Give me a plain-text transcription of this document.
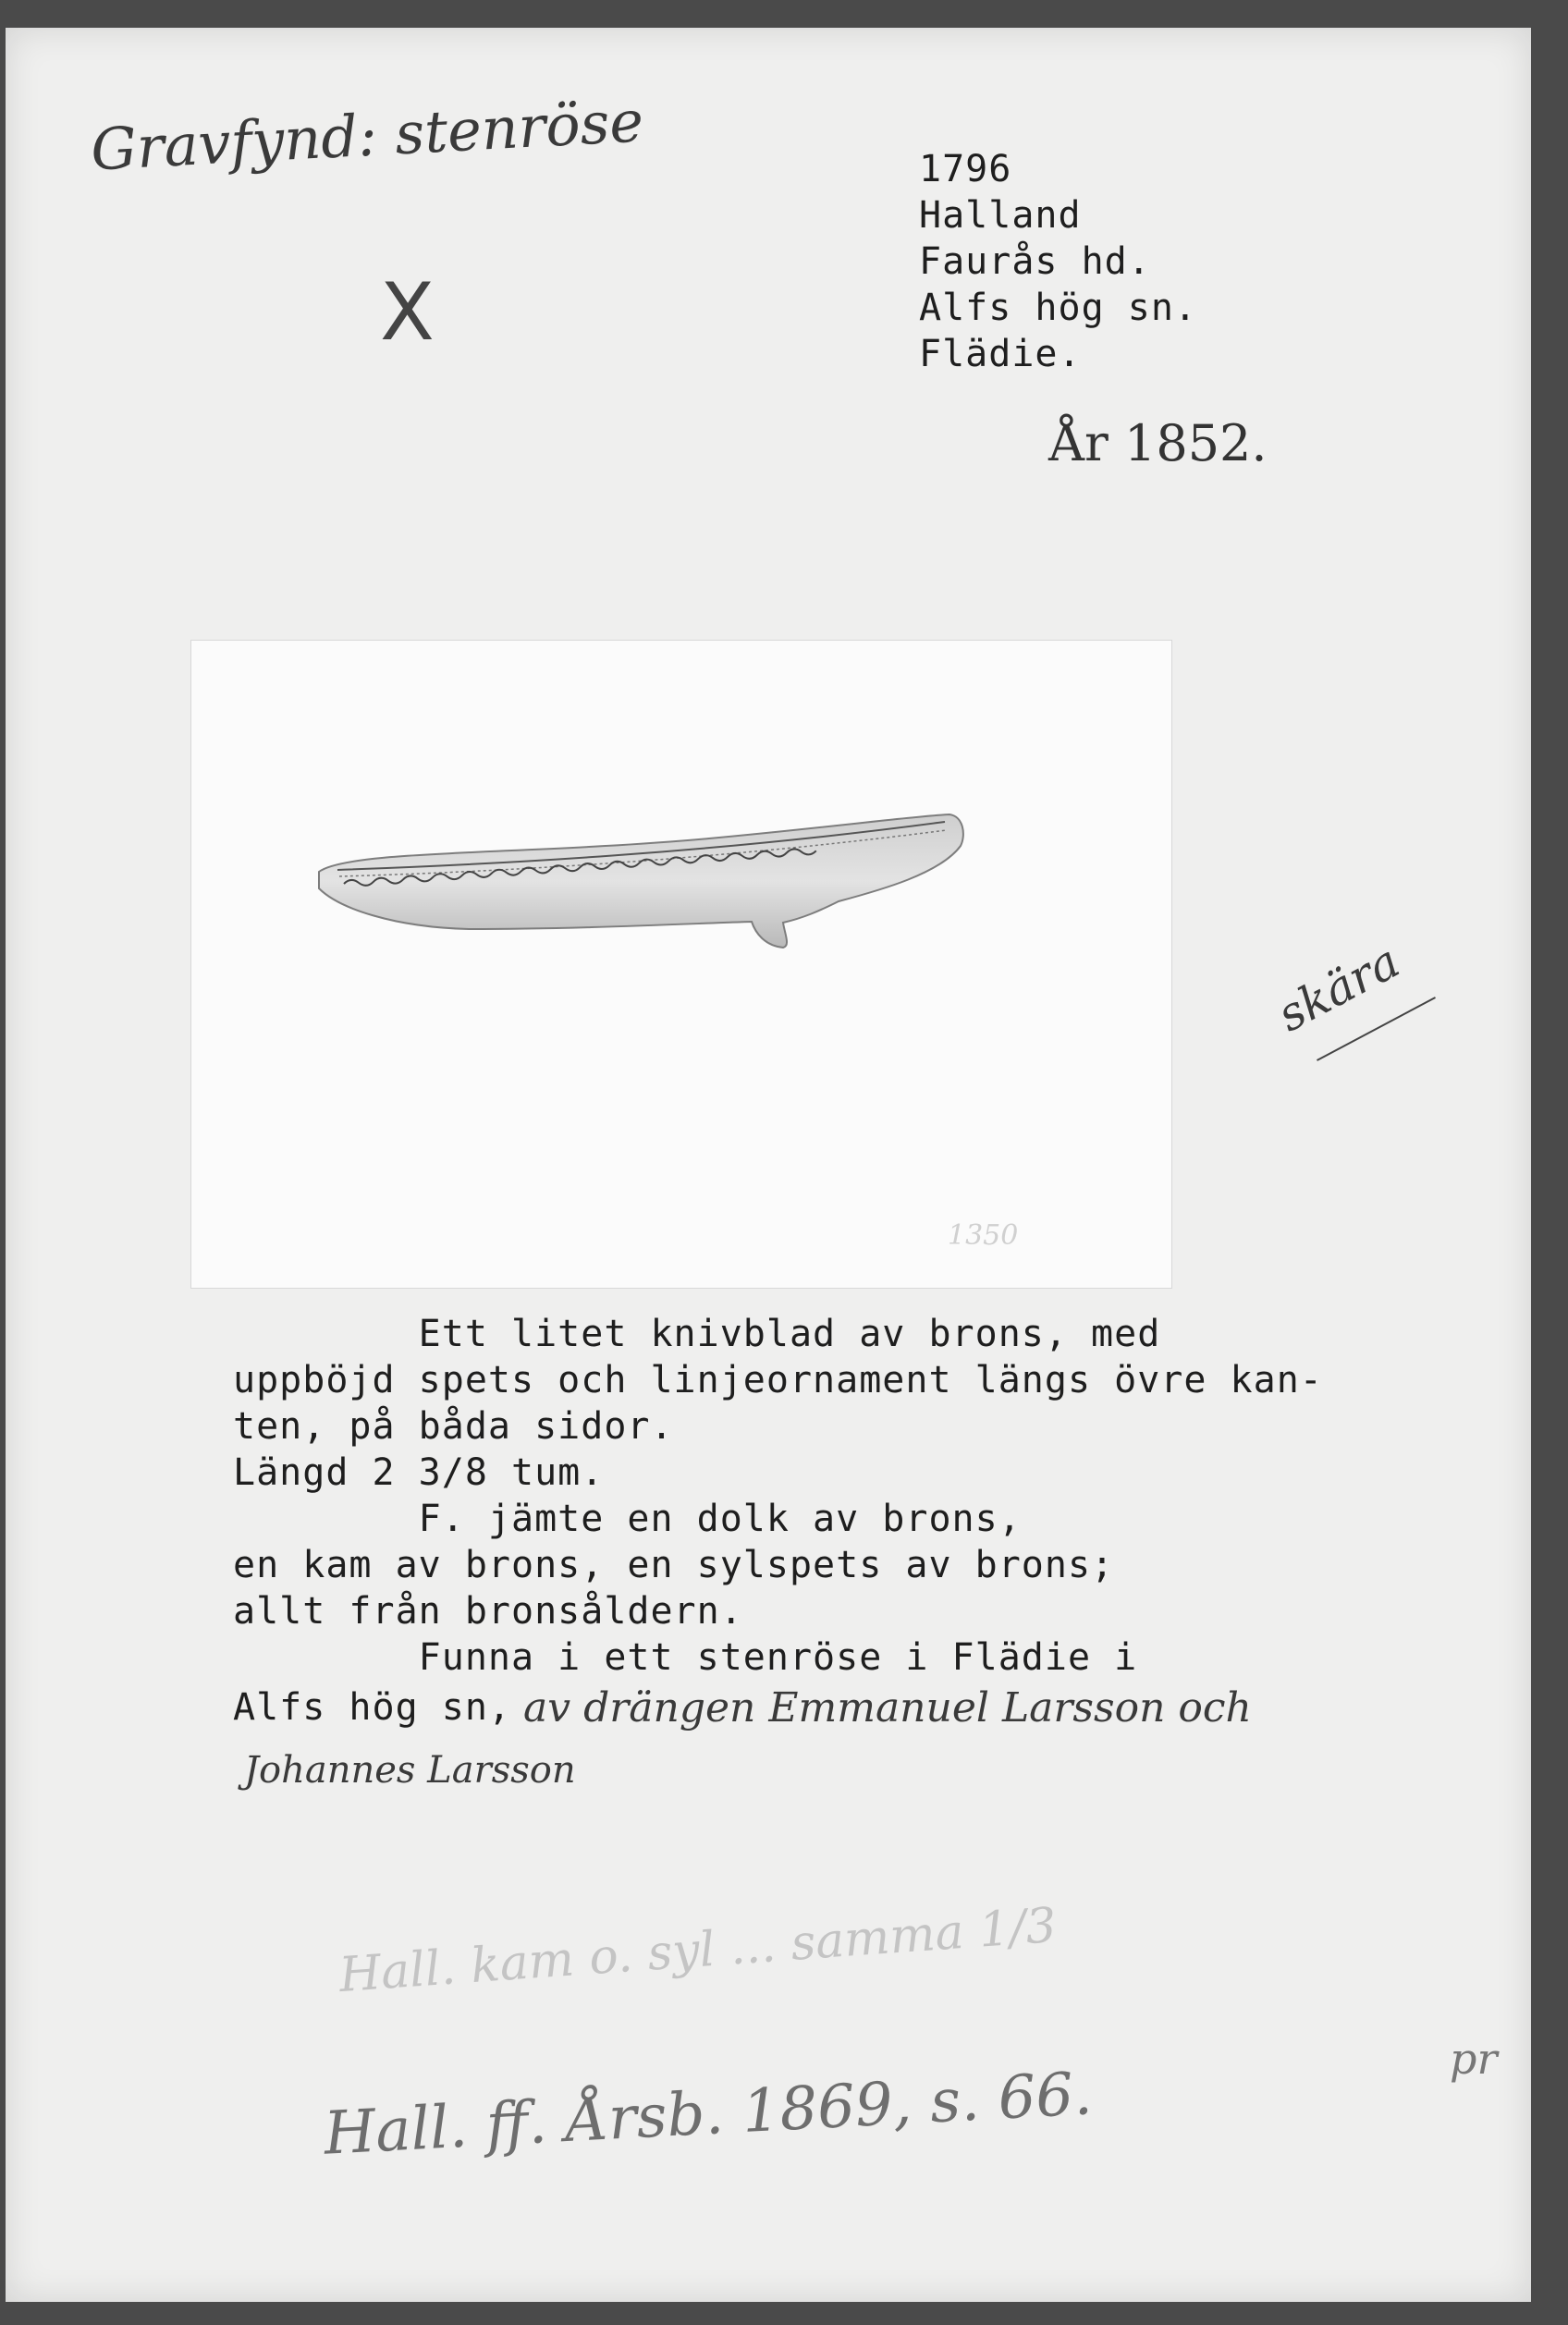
Gravfynd: stenröse
X
1796
Halland
Faurås hd.
Alfs hög sn.
Flädie.
År 1852.
1350
skära
Ett litet knivblad av brons, med
uppböjd spets och linjeornament längs övre kan-
ten, på båda sidor.
Längd 2 3/8 tum.
F. jämte en dolk av brons,
en kam av brons, en sylspets av brons;
allt från bronsåldern.
Funna i ett stenröse i Flädie i
Alfs hög sn, av drängen Emmanuel Larsson och
Johannes Larsson
Hall. kam o. syl ... samma 1/3
pr
Hall. ff. Årsb. 1869, s. 66.
